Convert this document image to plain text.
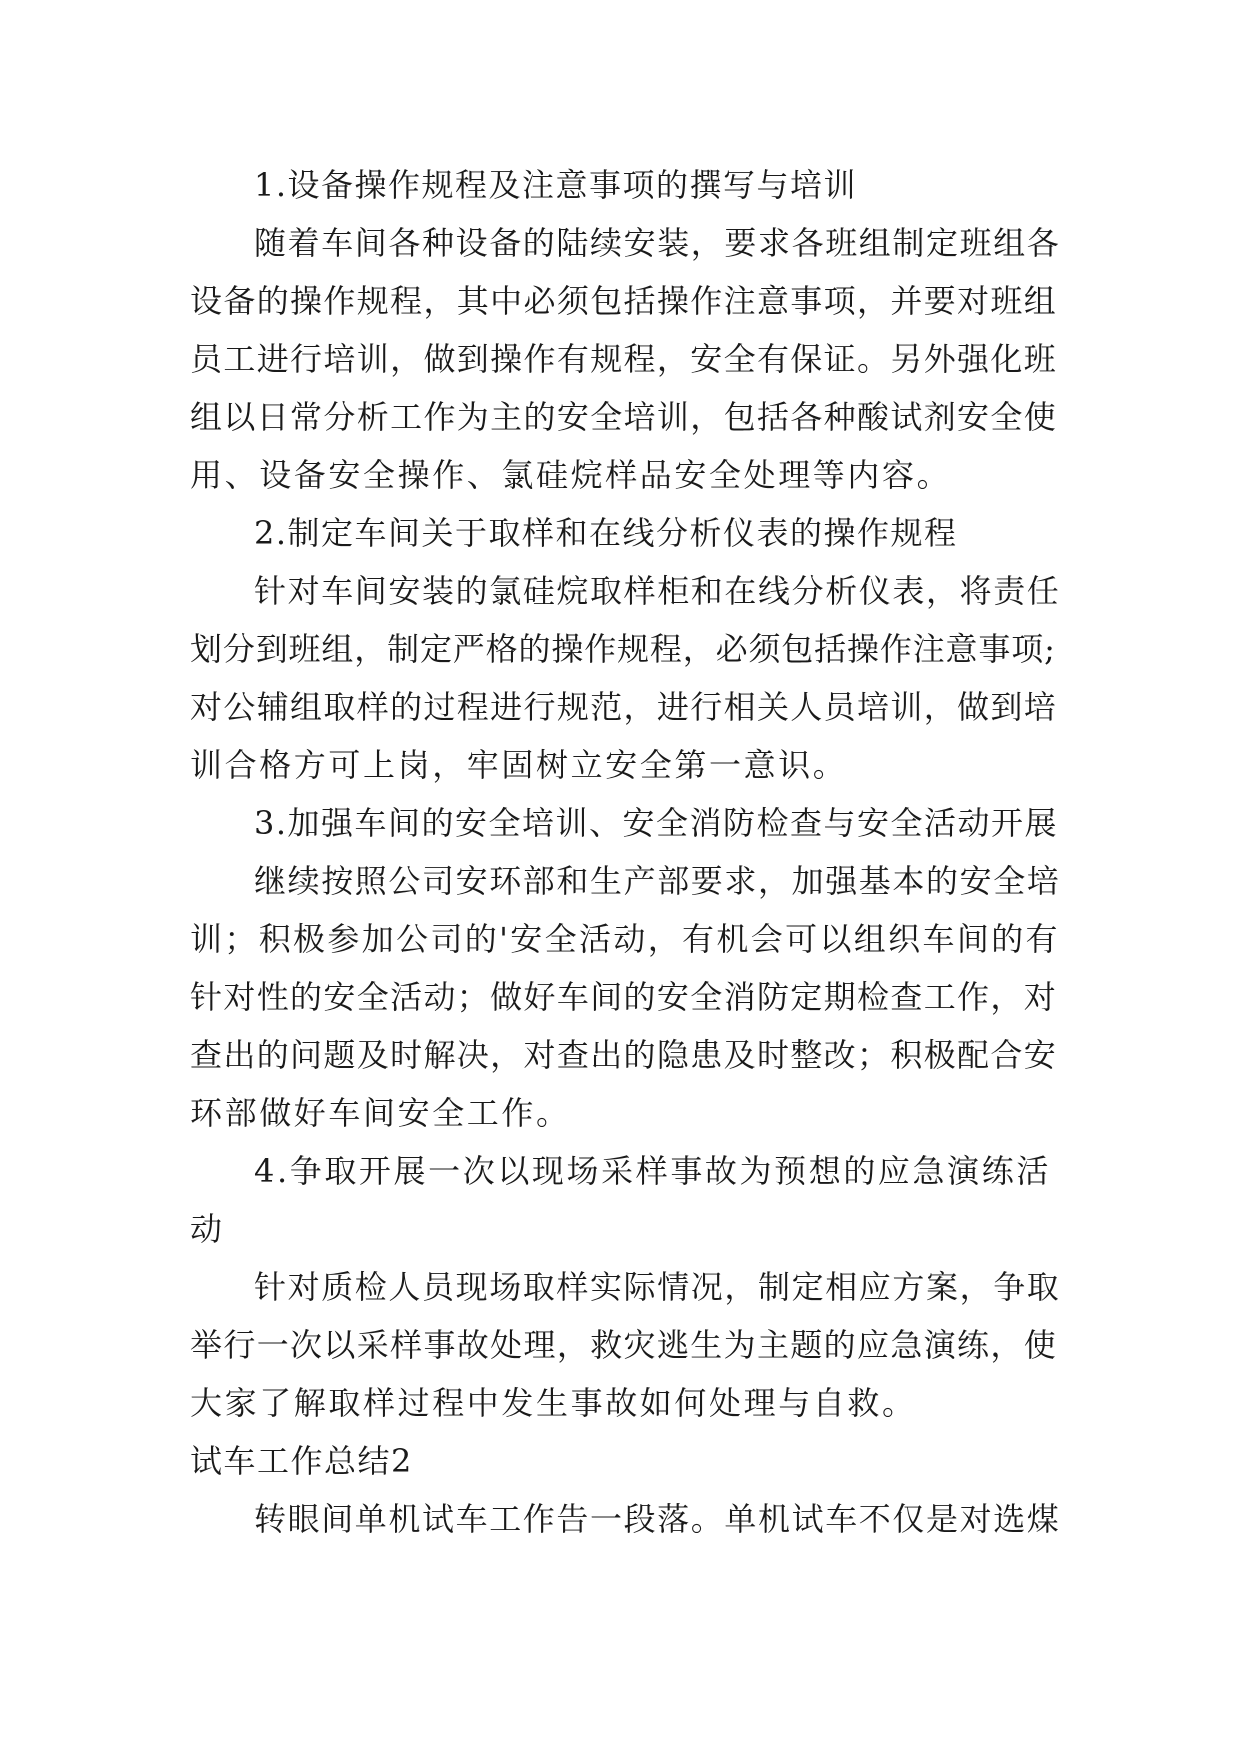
1.设备操作规程及注意事项的撰写与培训
随着车间各种设备的陆续安装，要求各班组制定班组各
设备的操作规程，其中必须包括操作注意事项，并要对班组
员工进行培训，做到操作有规程，安全有保证。另外强化班
组以日常分析工作为主的安全培训，包括各种酸试剂安全使
用、设备安全操作、氯硅烷样品安全处理等内容。
2.制定车间关于取样和在线分析仪表的操作规程
针对车间安装的氯硅烷取样柜和在线分析仪表，将责任
划分到班组，制定严格的操作规程，必须包括操作注意事项;
对公辅组取样的过程进行规范，进行相关人员培训，做到培
训合格方可上岗，牢固树立安全第一意识。
3.加强车间的安全培训、安全消防检查与安全活动开展
继续按照公司安环部和生产部要求，加强基本的安全培
训；积极参加公司的'安全活动，有机会可以组织车间的有
针对性的安全活动；做好车间的安全消防定期检查工作，对
查出的问题及时解决，对查出的隐患及时整改；积极配合安
环部做好车间安全工作。
4.争取开展一次以现场采样事故为预想的应急演练活
动
针对质检人员现场取样实际情况，制定相应方案，争取
举行一次以采样事故处理，救灾逃生为主题的应急演练，使
大家了解取样过程中发生事故如何处理与自救。
试车工作总结2
转眼间单机试车工作告一段落。单机试车不仅是对选煤
